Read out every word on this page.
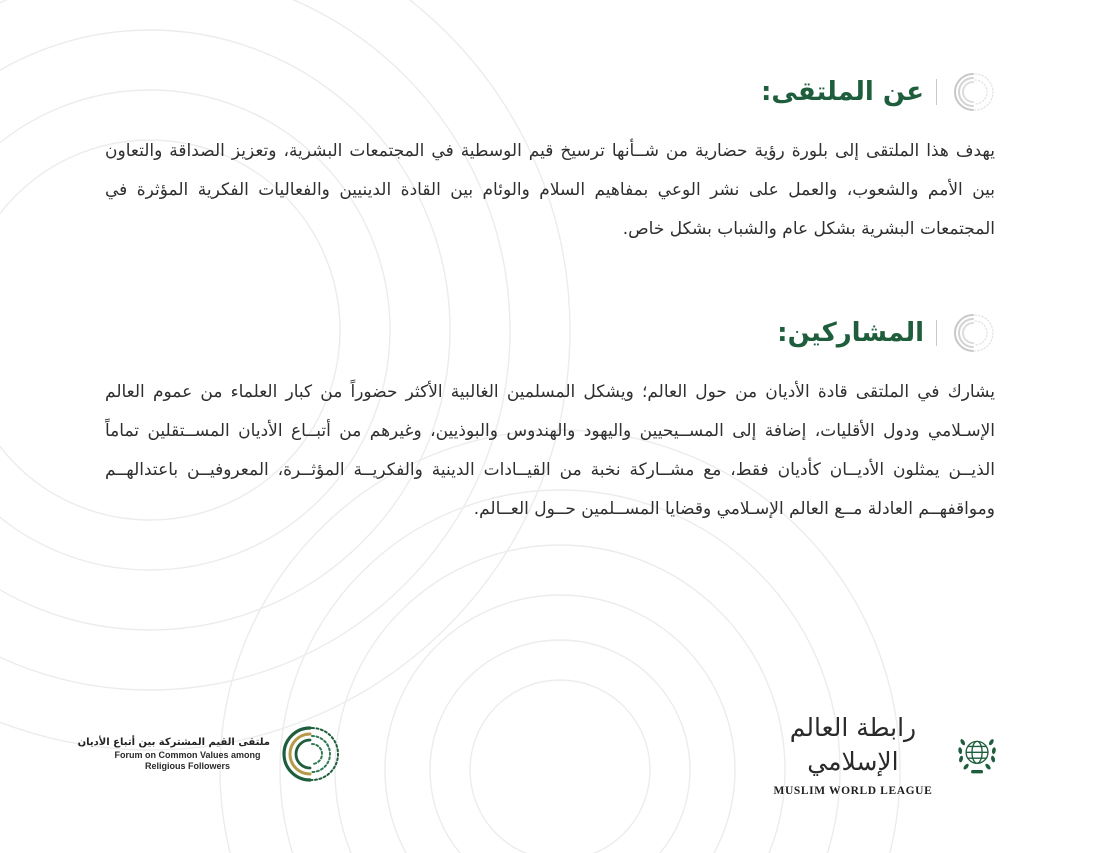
عن الملتقى:

يهدف هذا الملتقى إلى بلورة رؤية حضارية من شــأنها ترسيخ قيم الوسطية في المجتمعات البشرية، وتعزيز الصداقة والتعاون بين الأمم والشعوب، والعمل على نشر الوعي بمفاهيم السلام والوئام بين القادة الدينيين والفعاليات الفكرية المؤثرة في المجتمعات البشرية بشكل عام والشباب بشكل خاص.

المشاركين:

يشارك في الملتقى قادة الأديان من حول العالم؛ ويشكل المسلمين الغالبية الأكثر حضوراً من كبار العلماء من عموم العالم الإسـلامي ودول الأقليات، إضافة إلى المســيحيين واليهود والهندوس والبوذيين، وغيرهم من أتبــاع الأديان المســتقلين تماماً الذيــن يمثلون الأديــان كأديان فقط، مع مشــاركة نخبة من القيــادات الدينية والفكريــة المؤثــرة، المعروفيــن باعتدالهــم ومواقفهــم العادلة مــع العالم الإسـلامي وقضايا المســلمين حــول العــالم.

رابطة العالم الإسلامي
MUSLIM WORLD LEAGUE
ملتقى القيم المشتركة بين أتباع الأديان
Forum on Common Values among
Religious Followers
